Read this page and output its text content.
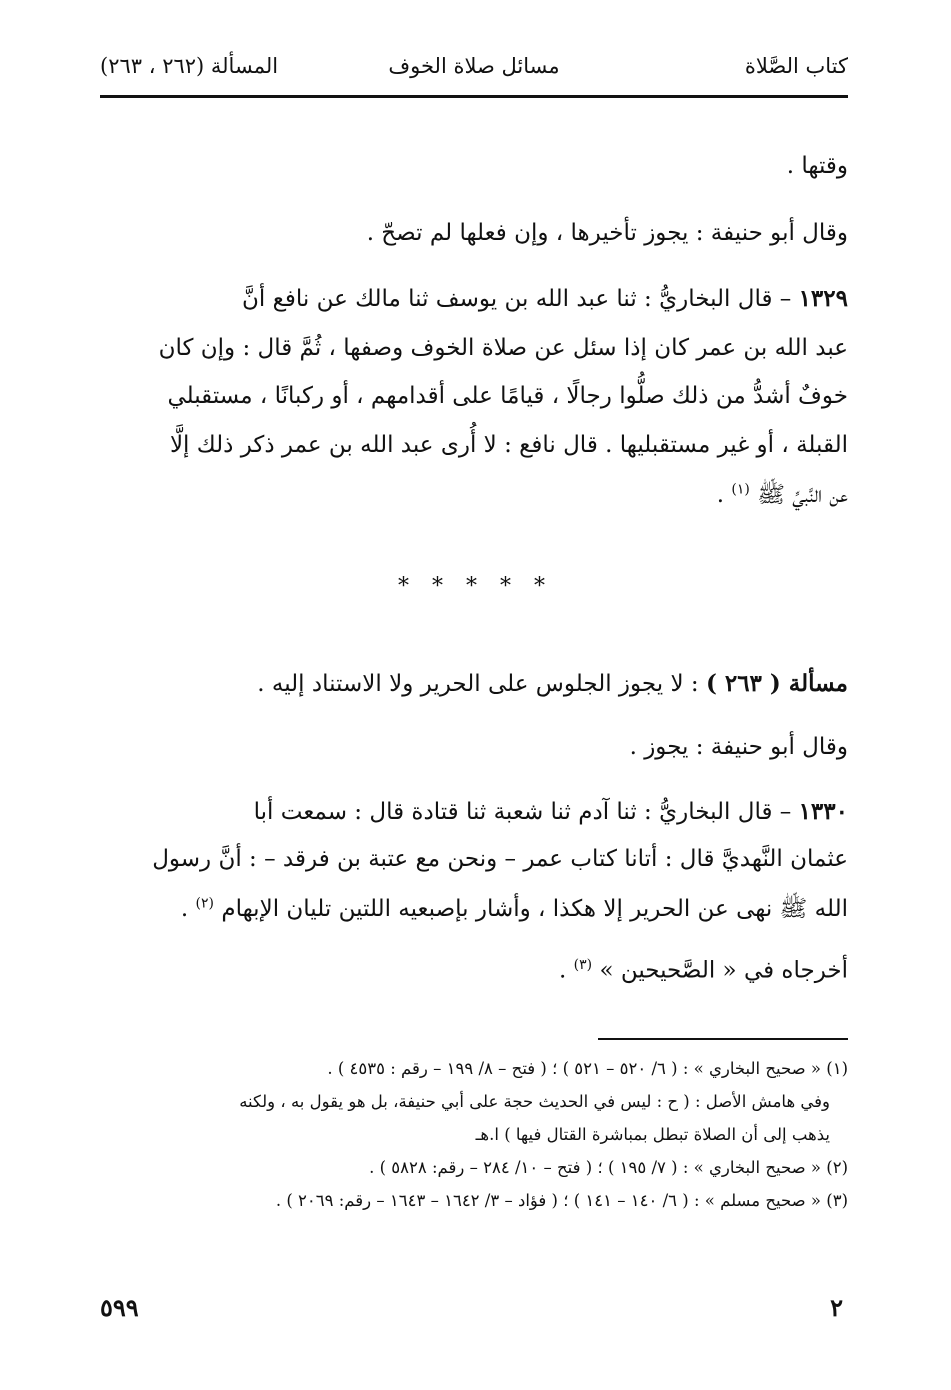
كتاب الصَّلاة
مسائل صلاة الخوف
المسألة (٢٦٢ ، ٢٦٣)
وقتها .
وقال أبو حنيفة : يجوز تأخيرها ، وإن فعلها لم تصحّ .
١٣٢٩ – قال البخاريُّ : ثنا عبد الله بن يوسف ثنا مالك عن نافع أنَّ
عبد الله بن عمر كان إذا سئل عن صلاة الخوف وصفها ، ثُمَّ قال : وإن كان
خوفٌ أشدُّ من ذلك صلُّوا رجالًا ، قيامًا على أقدامهم ، أو ركبانًا ، مستقبلي
القبلة ، أو غير مستقبليها . قال نافع : لا أُرى عبد الله بن عمر ذكر ذلك إلَّا
عن النَّبيِّ ﷺ $^{(١)}$ .
* * * * *
مسألة ( ٢٦٣ ) : لا يجوز الجلوس على الحرير ولا الاستناد إليه .
وقال أبو حنيفة : يجوز .
١٣٣٠ – قال البخاريُّ : ثنا آدم ثنا شعبة ثنا قتادة قال : سمعت أبا
عثمان النَّهديَّ قال : أتانا كتاب عمر – ونحن مع عتبة بن فرقد – : أنَّ رسول
الله ﷺ نهى عن الحرير إلا هكذا ، وأشار بإصبعيه اللتين تليان الإبهام $^{(٢)}$ .
أخرجاه في « الصَّحيحين » $^{(٣)}$ .

(١) « صحيح البخاري » : ( ٦/ ٥٢٠ – ٥٢١ ) ؛ ( فتح – ٨/ ١٩٩ – رقم : ٤٥٣٥ ) .

وفي هامش الأصل : ( ح : ليس في الحديث حجة على أبي حنيفة، بل هو يقول به ، ولكنه

يذهب إلى أن الصلاة تبطل بمباشرة القتال فيها ) ا.هـ

(٢) « صحيح البخاري » : ( ٧/ ١٩٥ ) ؛ ( فتح – ١٠/ ٢٨٤ – رقم: ٥٨٢٨ ) .

(٣) « صحيح مسلم » : ( ٦/ ١٤٠ – ١٤١ ) ؛ ( فؤاد – ٣/ ١٦٤٢ – ١٦٤٣ – رقم: ٢٠٦٩ ) .

٢
٥٩٩
